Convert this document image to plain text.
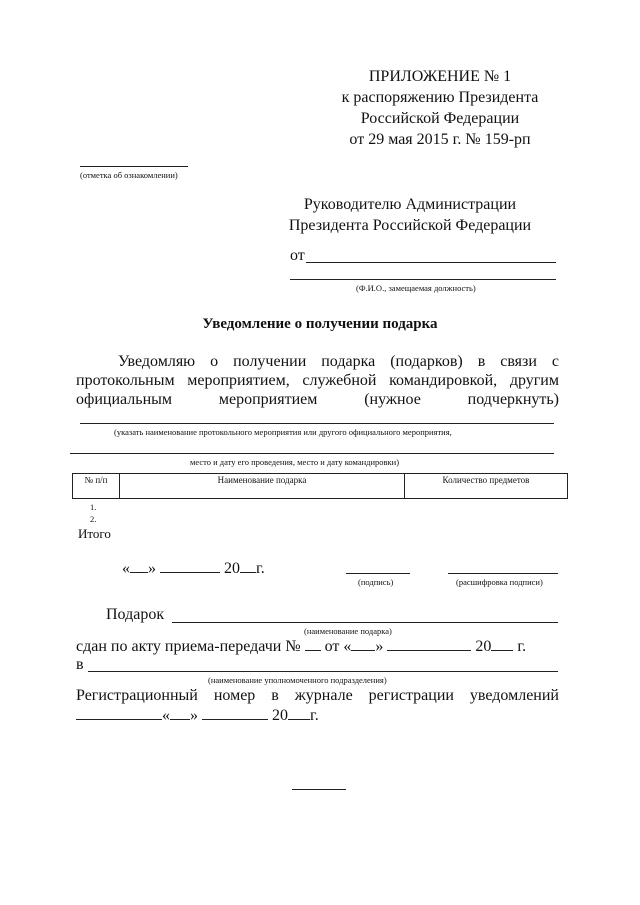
ПРИЛОЖЕНИЕ № 1
к распоряжению Президента
Российской Федерации
от 29 мая 2015 г. № 159-рп
(отметка об ознакомлении)
Руководителю Администрации
Президента Российской Федерации
от
(Ф.И.О., замещаемая должность)
Уведомление о получении подарка
Уведомляю о получении подарка (подарков) в связи с
протокольным мероприятием, служебной командировкой, другим
официальным мероприятием (нужное подчеркнуть)
(указать наименование протокольного мероприятия или другого официального мероприятия,
место и дату его проведения, место и дату командировки)
№ п/п	Наименование подарка	Количество предметов
1.
2.
Итого
« »	20 г.
(подпись)	(расшифровка подписи)
Подарок
(наименование подарка)
сдан по акту приема-передачи № от « »	20 г.
в
(наименование уполномоченного подразделения)
Регистрационный номер в журнале регистрации уведомлений
« »	20 г.
